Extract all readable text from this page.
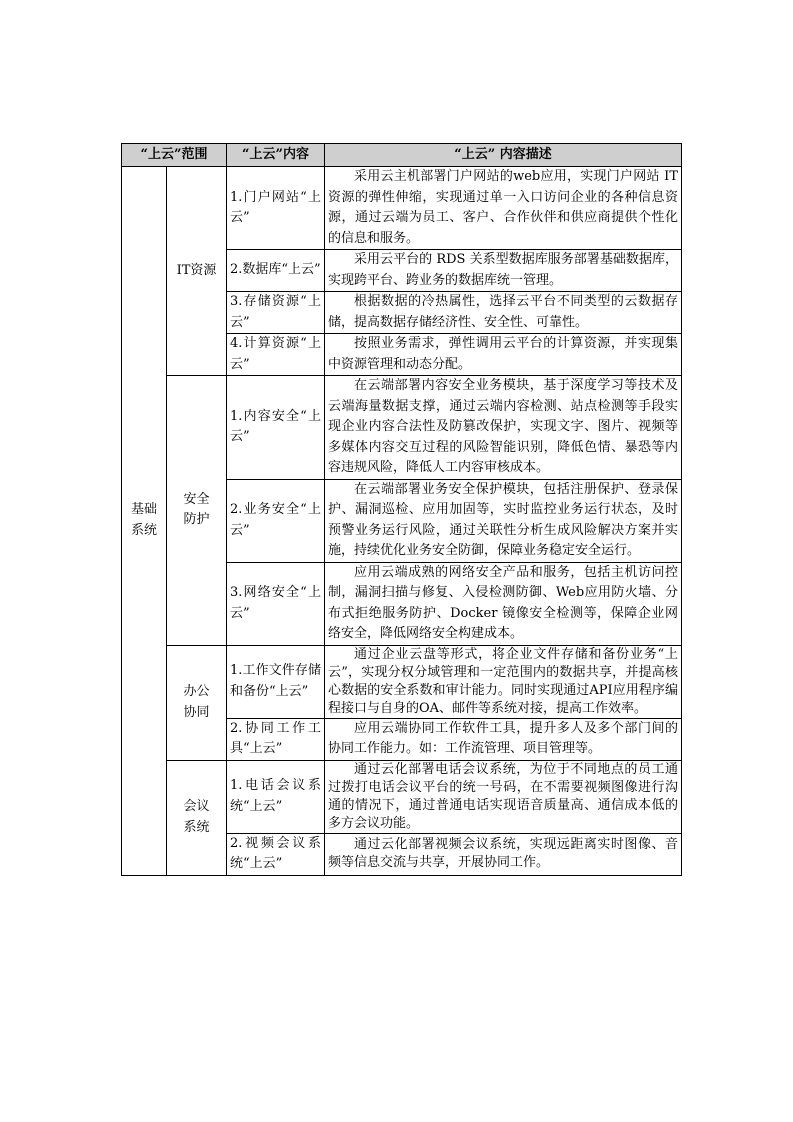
“上云”范围		“上云”内容	“上云” 内容描述
基础系统	IT资源	1.门户网站“上云”	采用云主机部署门户网站的web应用，实现门户网站 IT 资源的弹性伸缩，实现通过单一入口访问企业的各种信息资源，通过云端为员工、客户、合作伙伴和供应商提供个性化的信息和服务。
		2.数据库“上云”	采用云平台的 RDS 关系型数据库服务部署基础数据库，实现跨平台、跨业务的数据库统一管理。
		3.存储资源“上云”	根据数据的冷热属性，选择云平台不同类型的云数据存储，提高数据存储经济性、安全性、可靠性。
		4.计算资源“上云”	按照业务需求，弹性调用云平台的计算资源，并实现集中资源管理和动态分配。
	安全防护	1.内容安全“上云”	在云端部署内容安全业务模块，基于深度学习等技术及云端海量数据支撑，通过云端内容检测、站点检测等手段实现企业内容合法性及防篡改保护，实现文字、图片、视频等多媒体内容交互过程的风险智能识别，降低色情、暴恐等内容违规风险，降低人工内容审核成本。
		2.业务安全“上云”	在云端部署业务安全保护模块，包括注册保护、登录保护、漏洞巡检、应用加固等，实时监控业务运行状态，及时预警业务运行风险，通过关联性分析生成风险解决方案并实施，持续优化业务安全防御，保障业务稳定安全运行。
		3.网络安全“上云”	应用云端成熟的网络安全产品和服务，包括主机访问控制，漏洞扫描与修复、入侵检测防御、Web应用防火墙、分布式拒绝服务防护、Docker 镜像安全检测等，保障企业网络安全，降低网络安全构建成本。
	办公协同	1.工作文件存储和备份“上云”	通过企业云盘等形式，将企业文件存储和备份业务“上云”，实现分权分域管理和一定范围内的数据共享，并提高核心数据的安全系数和审计能力。同时实现通过API应用程序编程接口与自身的OA、邮件等系统对接，提高工作效率。
		2.协同工作工具“上云”	应用云端协同工作软件工具，提升多人及多个部门间的协同工作能力。如：工作流管理、项目管理等。
	会议系统	1.电话会议系统“上云”	通过云化部署电话会议系统，为位于不同地点的员工通过拨打电话会议平台的统一号码，在不需要视频图像进行沟通的情况下，通过普通电话实现语音质量高、通信成本低的多方会议功能。
		2.视频会议系统“上云”	通过云化部署视频会议系统，实现远距离实时图像、音频等信息交流与共享，开展协同工作。
